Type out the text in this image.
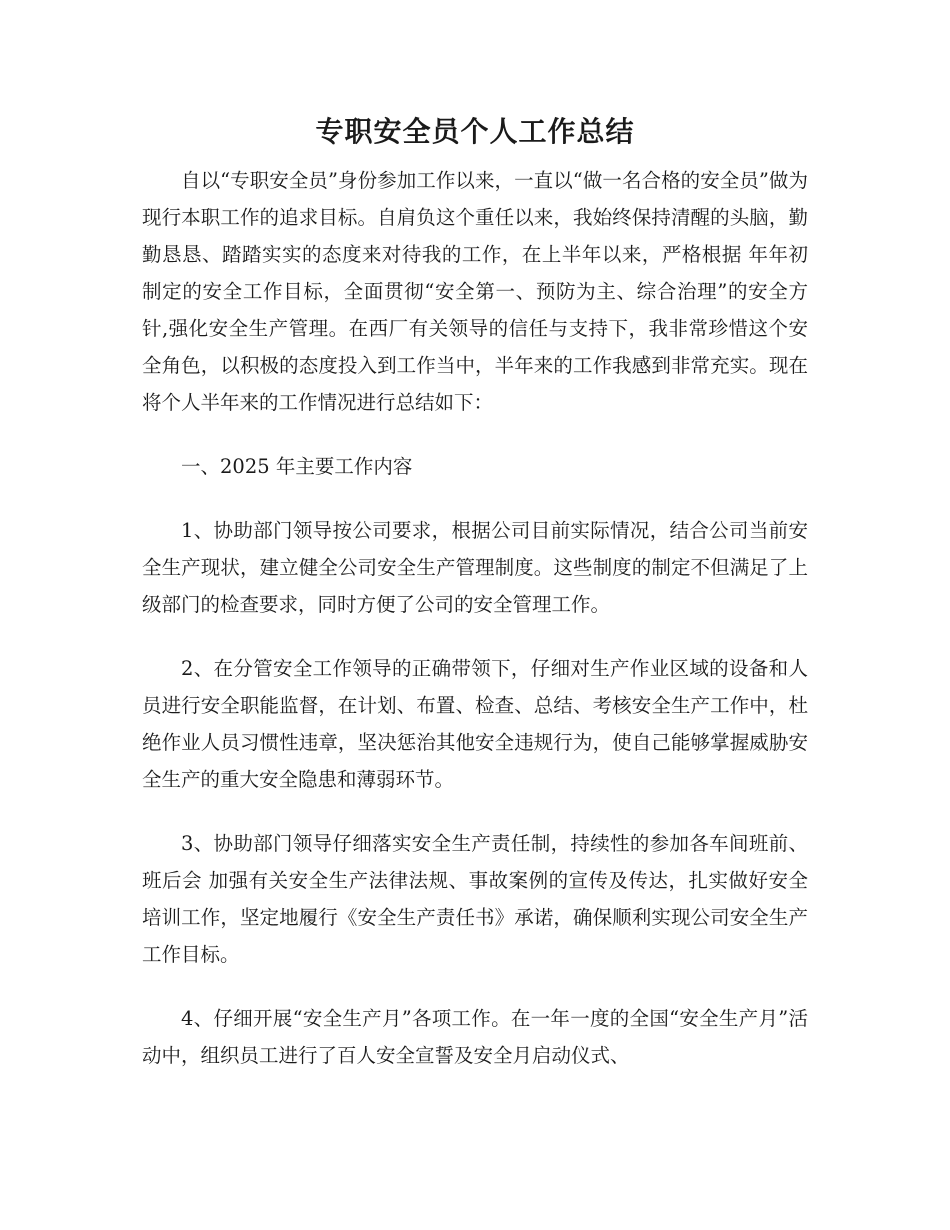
专职安全员个人工作总结

自以“专职安全员”身份参加工作以来，一直以“做一名合格的安全员”做为现行本职工作的追求目标。自肩负这个重任以来，我始终保持清醒的头脑，勤勤恳恳、踏踏实实的态度来对待我的工作，在上半年以来，严格根据 年年初制定的安全工作目标，全面贯彻“安全第一、预防为主、综合治理”的安全方针,强化安全生产管理。在西厂有关领导的信任与支持下，我非常珍惜这个安全角色，以积极的态度投入到工作当中，半年来的工作我感到非常充实。现在将个人半年来的工作情况进行总结如下：

一、2025 年主要工作内容

1、协助部门领导按公司要求，根据公司目前实际情况，结合公司当前安全生产现状，建立健全公司安全生产管理制度。这些制度的制定不但满足了上级部门的检查要求，同时方便了公司的安全管理工作。

2、在分管安全工作领导的正确带领下，仔细对生产作业区域的设备和人员进行安全职能监督，在计划、布置、检查、总结、考核安全生产工作中，杜绝作业人员习惯性违章，坚决惩治其他安全违规行为，使自己能够掌握威胁安全生产的重大安全隐患和薄弱环节。

3、协助部门领导仔细落实安全生产责任制，持续性的参加各车间班前、班后会 加强有关安全生产法律法规、事故案例的宣传及传达，扎实做好安全培训工作，坚定地履行《安全生产责任书》承诺，确保顺利实现公司安全生产工作目标。

4、仔细开展“安全生产月”各项工作。在一年一度的全国“安全生产月”活动中，组织员工进行了百人安全宣誓及安全月启动仪式、
